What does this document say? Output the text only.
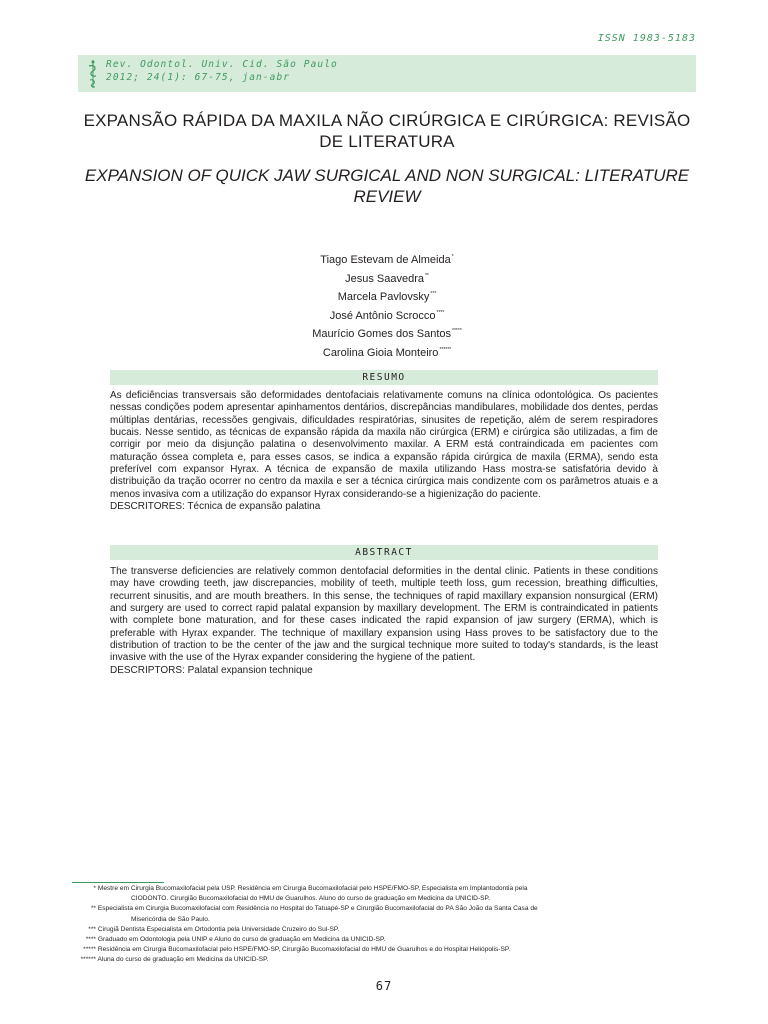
ISSN 1983-5183
Rev. Odontol. Univ. Cid. São Paulo
2012; 24(1): 67-75, jan-abr
EXPANSÃO RÁPIDA DA MAXILA NÃO CIRÚRGICA E CIRÚRGICA: REVISÃO DE LITERATURA
EXPANSION OF QUICK JAW SURGICAL AND NON SURGICAL: LITERATURE REVIEW
Tiago Estevam de Almeida*
Jesus Saavedra**
Marcela Pavlovsky***
José Antônio Scrocco****
Maurício Gomes dos Santos*****
Carolina Gioia Monteiro******
RESUMO
As deficiências transversais são deformidades dentofaciais relativamente comuns na clínica odontológica. Os pacientes nessas condições podem apresentar apinhamentos dentários, discrepâncias mandibulares, mobilidade dos dentes, perdas múltiplas dentárias, recessões gengivais, dificuldades respiratórias, sinusites de repetição, além de serem respiradores bucais. Nesse sentido, as técnicas de expansão rápida da maxila não cirúrgica (ERM) e cirúrgica são utilizadas, a fim de corrigir por meio da disjunção palatina o desenvolvimento maxilar. A ERM está contraindicada em pacientes com maturação óssea completa e, para esses casos, se indica a expansão rápida cirúrgica de maxila (ERMA), sendo esta preferível com expansor Hyrax. A técnica de expansão de maxila utilizando Hass mostra-se satisfatória devido à distribuição da tração ocorrer no centro da maxila e ser a técnica cirúrgica mais condizente com os parâmetros atuais e a menos invasiva com a utilização do expansor Hyrax considerando-se a higienização do paciente.
DESCRITORES: Técnica de expansão palatina
ABSTRACT
The transverse deficiencies are relatively common dentofacial deformities in the dental clinic. Patients in these conditions may have crowding teeth, jaw discrepancies, mobility of teeth, multiple teeth loss, gum recession, breathing difficulties, recurrent sinusitis, and are mouth breathers. In this sense, the techniques of rapid maxillary expansion nonsurgical (ERM) and surgery are used to correct rapid palatal expansion by maxillary development. The ERM is contraindicated in patients with complete bone maturation, and for these cases indicated the rapid expansion of jaw surgery (ERMA), which is preferable with Hyrax expander. The technique of maxillary expansion using Hass proves to be satisfactory due to the distribution of traction to be the center of the jaw and the surgical technique more suited to today's standards, is the least invasive with the use of the Hyrax expander considering the hygiene of the patient.
DESCRIPTORS: Palatal expansion technique
* Mestre em Cirurgia Bucomaxilofacial pela USP. Residência em Cirurgia Bucomaxilofacial pelo HSPE/FMO-SP, Especialista em Implantodontia pela
CIODONTO. Cirurgião Bucomaxilofacial do HMU de Guarulhos. Aluno do curso de graduação em Medicina da UNICID-SP.
** Especialista em Cirurgia Bucomaxilofacial com Residência no Hospital do Tatuapé-SP e Cirurgião Bucomaxilofacial do PA São João da Santa Casa de
Misericórdia de São Paulo.
*** Cirugiã Dentista Especialista em Ortodontia pela Universidade Cruzeiro do Sul-SP.
**** Graduado em Odontologia pela UNIP e Aluno do curso de graduação em Medicina da UNICID-SP.
***** Residência em Cirurgia Bucomaxilofacial pelo HSPE/FMO-SP, Cirurgião Bucomaxilofacial do HMU de Guarulhos e do Hospital Heliópolis-SP.
****** Aluna do curso de graduação em Medicina da UNICID-SP.
67
